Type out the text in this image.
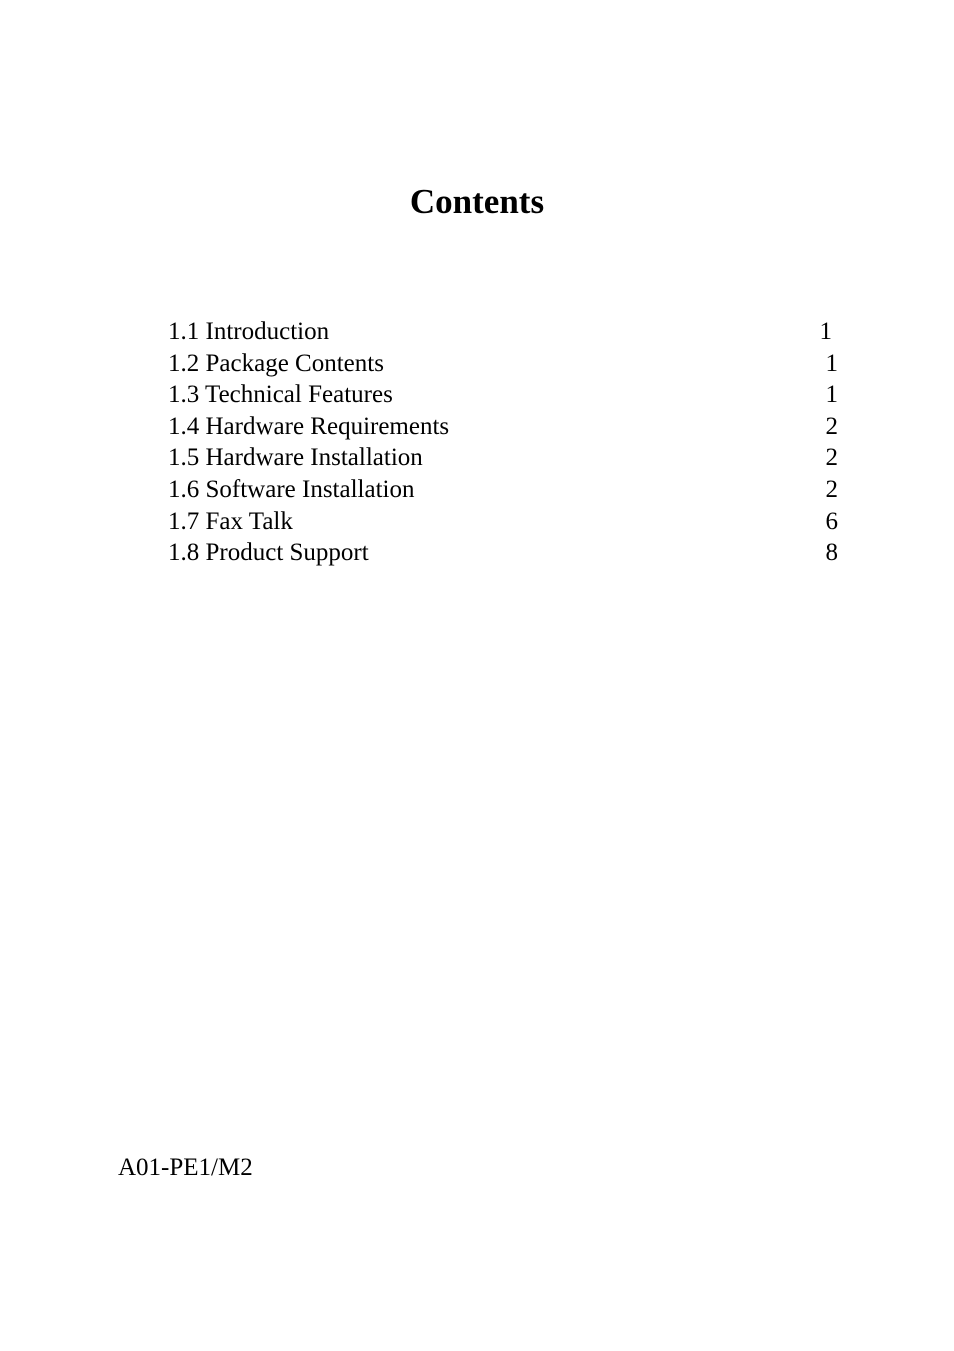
Contents
1.1 Introduction	1
1.2 Package Contents	1
1.3 Technical Features	1
1.4 Hardware Requirements	2
1.5 Hardware Installation	2
1.6 Software Installation	2
1.7 Fax Talk	6
1.8 Product Support	8

A01-PE1/M2
